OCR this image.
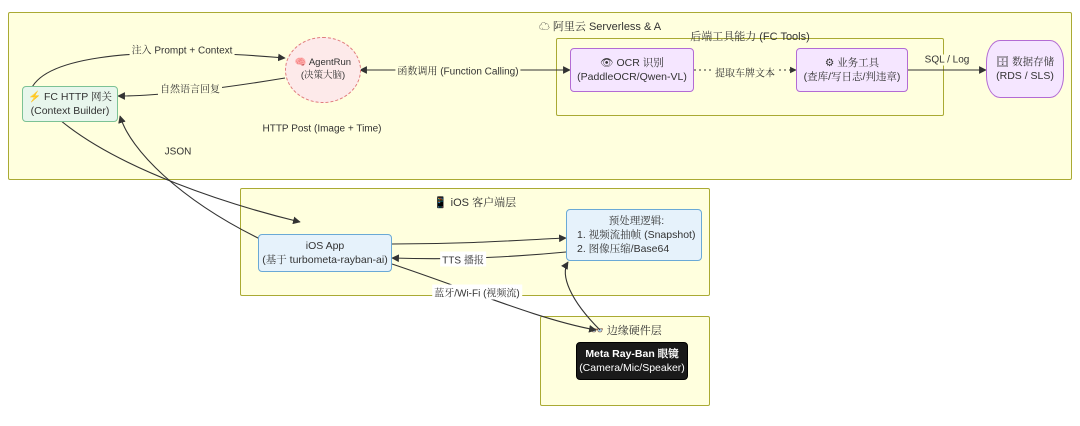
☁ 阿里云 Serverless & A
后端工具能力 (FC Tools)
📱 iOS 客户端层
👓 边缘硬件层
注入 Prompt + Context
自然语言回复
函数调用 (Function Calling)	提取车牌文本
SQL / Log
HTTP Post (Image + Time)
JSON
TTS 播报
蓝牙/Wi-Fi (视频流)
🧠 AgentRun
(决策大脑)
⚡ FC HTTP 网关
(Context Builder)
👁 OCR 识别
(PaddleOCR/Qwen-VL)
⚙ 业务工具
(查库/写日志/判违章)
🗄 数据存储
(RDS / SLS)
iOS App
(基于 turbometa-rayban-ai)
预处理逻辑:
1. 视频流抽帧 (Snapshot)
2. 图像压缩/Base64
Meta Ray-Ban 眼镜
(Camera/Mic/Speaker)
